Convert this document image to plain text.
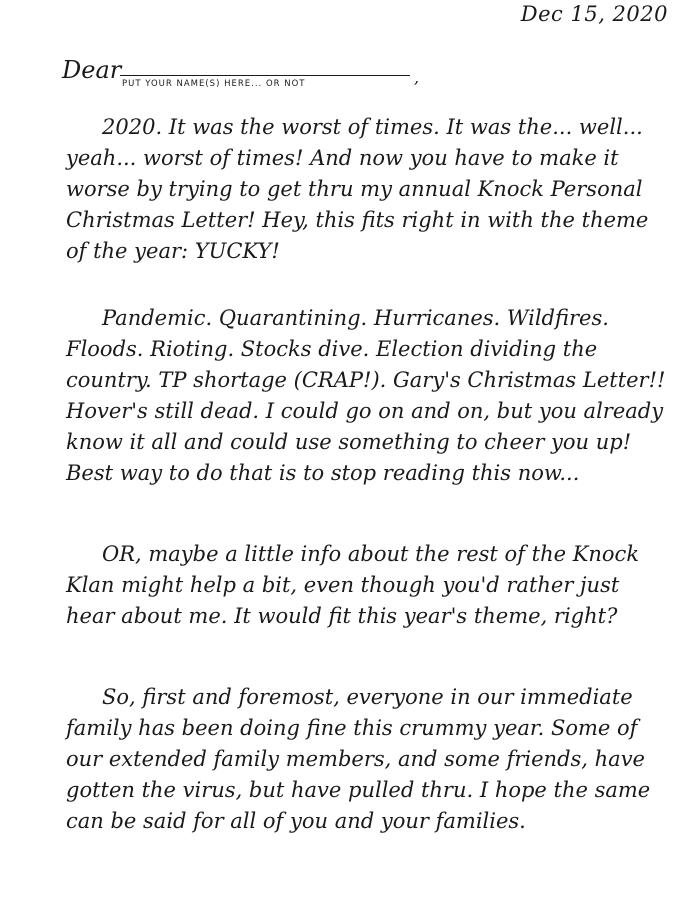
Dec 15, 2020
Dear PUT YOUR NAME(S) HERE... OR NOT	,

2020. It was the worst of times. It was the... well... yeah... worst of times! And now you have to make it worse by trying to get thru my annual Knock Personal Christmas Letter! Hey, this fits right in with the theme of the year: YUCKY!

Pandemic. Quarantining. Hurricanes. Wildfires. Floods. Rioting. Stocks dive. Election dividing the country. TP shortage (CRAP!). Gary's Christmas Letter!! Hover's still dead. I could go on and on, but you already know it all and could use something to cheer you up! Best way to do that is to stop reading this now...

OR, maybe a little info about the rest of the Knock Klan might help a bit, even though you'd rather just hear about me. It would fit this year's theme, right?

So, first and foremost, everyone in our immediate family has been doing fine this crummy year. Some of our extended family members, and some friends, have gotten the virus, but have pulled thru. I hope the same can be said for all of you and your families.
